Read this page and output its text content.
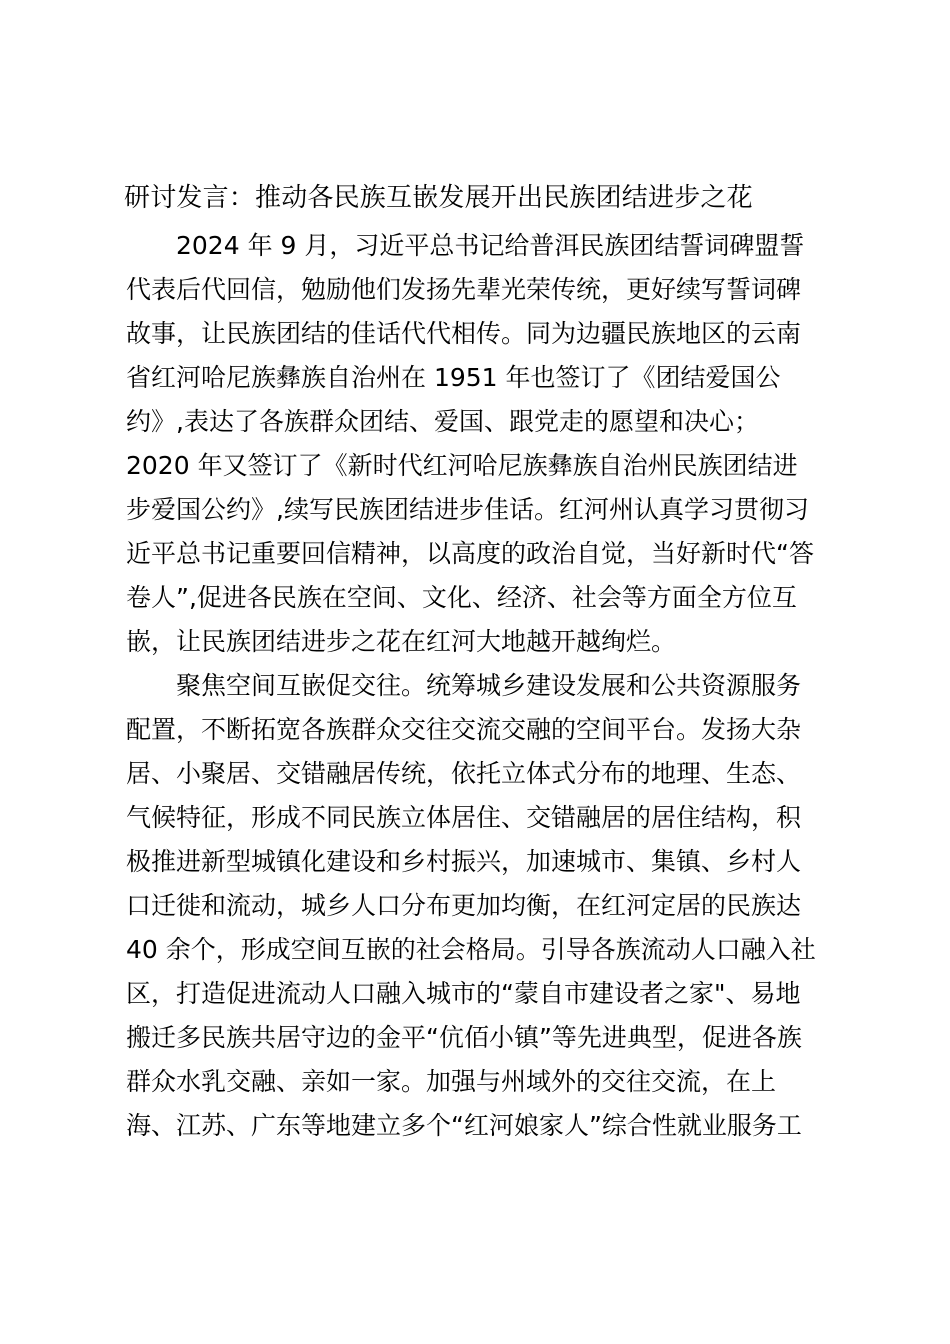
研讨发言：推动各民族互嵌发展开出民族团结进步之花
2024 年 9 月，习近平总书记给普洱民族团结誓词碑盟誓
代表后代回信，勉励他们发扬先辈光荣传统，更好续写誓词碑
故事，让民族团结的佳话代代相传。同为边疆民族地区的云南
省红河哈尼族彝族自治州在 1951 年也签订了《团结爱国公
约》,表达了各族群众团结、爱国、跟党走的愿望和决心；
2020 年又签订了《新时代红河哈尼族彝族自治州民族团结进
步爱国公约》,续写民族团结进步佳话。红河州认真学习贯彻习
近平总书记重要回信精神，以高度的政治自觉，当好新时代“答
卷人”,促进各民族在空间、文化、经济、社会等方面全方位互
嵌，让民族团结进步之花在红河大地越开越绚烂。
聚焦空间互嵌促交往。统筹城乡建设发展和公共资源服务
配置，不断拓宽各族群众交往交流交融的空间平台。发扬大杂
居、小聚居、交错融居传统，依托立体式分布的地理、生态、
气候特征，形成不同民族立体居住、交错融居的居住结构，积
极推进新型城镇化建设和乡村振兴，加速城市、集镇、乡村人
口迁徙和流动，城乡人口分布更加均衡，在红河定居的民族达
40 余个，形成空间互嵌的社会格局。引导各族流动人口融入社
区，打造促进流动人口融入城市的“蒙自市建设者之家"、易地
搬迁多民族共居守边的金平“伉佰小镇”等先进典型，促进各族
群众水乳交融、亲如一家。加强与州域外的交往交流，在上
海、江苏、广东等地建立多个“红河娘家人”综合性就业服务工
